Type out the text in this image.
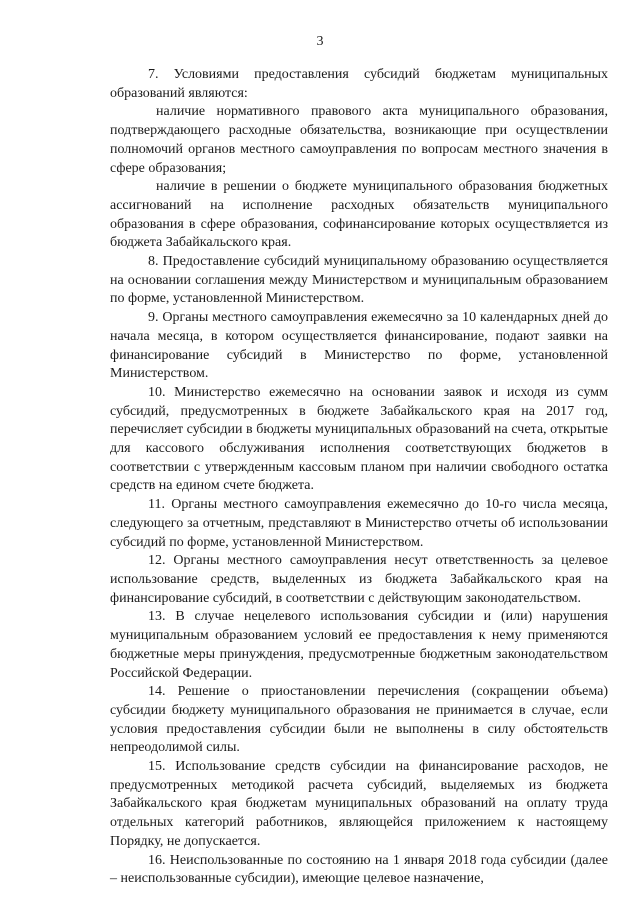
3

7. Условиями предоставления субсидий бюджетам муниципальных образований являются:

наличие нормативного правового акта муниципального образования, подтверждающего расходные обязательства, возникающие при осуществлении полномочий органов местного самоуправления по вопросам местного значения в сфере образования;

наличие в решении о бюджете муниципального образования бюджетных ассигнований на исполнение расходных обязательств муниципального образования в сфере образования, софинансирование которых осуществляется из бюджета Забайкальского края.

8. Предоставление субсидий муниципальному образованию осуществляется на основании соглашения между Министерством и муниципальным образованием по форме, установленной Министерством.

9. Органы местного самоуправления ежемесячно за 10 календарных дней до начала месяца, в котором осуществляется финансирование, подают заявки на финансирование субсидий в Министерство по форме, установленной Министерством.

10. Министерство ежемесячно на основании заявок и исходя из сумм субсидий, предусмотренных в бюджете Забайкальского края на 2017 год, перечисляет субсидии в бюджеты муниципальных образований на счета, открытые для кассового обслуживания исполнения соответствующих бюджетов в соответствии с утвержденным кассовым планом при наличии свободного остатка средств на едином счете бюджета.

11. Органы местного самоуправления ежемесячно до 10-го числа месяца, следующего за отчетным, представляют в Министерство отчеты об использовании субсидий по форме, установленной Министерством.

12. Органы местного самоуправления несут ответственность за целевое использование средств, выделенных из бюджета Забайкальского края на финансирование субсидий, в соответствии с действующим законодательством.

13. В случае нецелевого использования субсидии и (или) нарушения муниципальным образованием условий ее предоставления к нему применяются бюджетные меры принуждения, предусмотренные бюджетным законодательством Российской Федерации.

14. Решение о приостановлении перечисления (сокращении объема) субсидии бюджету муниципального образования не принимается в случае, если условия предоставления субсидии были не выполнены в силу обстоятельств непреодолимой силы.

15. Использование средств субсидии на финансирование расходов, не предусмотренных методикой расчета субсидий, выделяемых из бюджета Забайкальского края бюджетам муниципальных образований на оплату труда отдельных категорий работников, являющейся приложением к настоящему Порядку, не допускается.

16. Неиспользованные по состоянию на 1 января 2018 года субсидии (далее – неиспользованные субсидии), имеющие целевое назначение,
